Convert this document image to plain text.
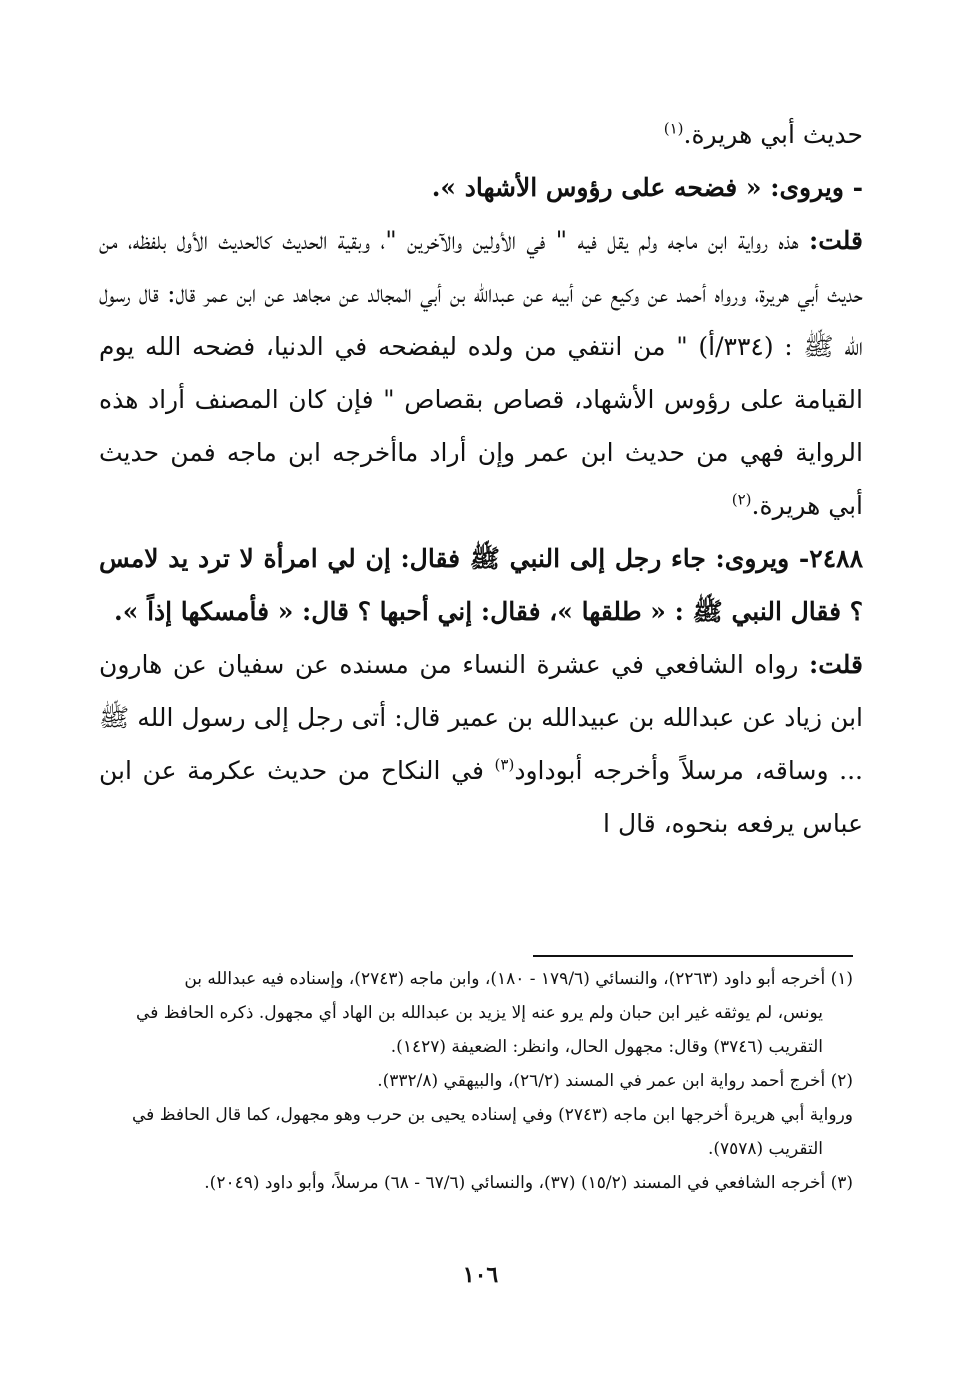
حديث أبي هريرة.$^{(١)}$

- ويروى: « فضحه على رؤوس الأشهاد ».

قلت: هذه رواية ابن ماجه ولم يقل فيه " في الأولين والآخرين "، وبقية الحديث كالحديث الأول بلفظه، من حديث أبي هريرة، ورواه أحمد عن وكيع عن أبيه عن عبدالله بن أبي المجالد عن مجاهد عن ابن عمر قال: قال رسول الله ﷺ : (٣٣٤/أ) " من انتفي من ولده ليفضحه في الدنيا، فضحه الله يوم القيامة على رؤوس الأشهاد، قصاص بقصاص " فإن كان المصنف أراد هذه الرواية فهي من حديث ابن عمر وإن أراد ماأخرجه ابن ماجه فمن حديث أبي هريرة.$^{(٢)}$

٢٤٨٨- ويروى: جاء رجل إلى النبي ﷺ فقال: إن لي امرأة لا ترد يد لامس ؟ فقال النبي ﷺ : « طلقها »، فقال: إني أحبها ؟ قال: « فأمسكها إذاً ».

قلت: رواه الشافعي في عشرة النساء من مسنده عن سفيان عن هارون ابن زياد عن عبدالله بن عبيدالله بن عمير قال: أتى رجل إلى رسول الله ﷺ ... وساقه، مرسلاً وأخرجه أبوداود$^{(٣)}$ في النكاح من حديث عكرمة عن ابن عباس يرفعه بنحوه، قال ا

(١) أخرجه أبو داود (٢٢٦٣)، والنسائي (١٧٩/٦ - ١٨٠)، وابن ماجه (٢٧٤٣)، وإسناده فيه عبدالله بن

يونس، لم يوثقه غير ابن حبان ولم يرو عنه إلا يزيد بن عبدالله بن الهاد أي مجهول. ذكره الحافظ في

التقريب (٣٧٤٦) وقال: مجهول الحال، وانظر: الضعيفة (١٤٢٧).

(٢) أخرج أحمد رواية ابن عمر في المسند (٢٦/٢)، والبيهقي (٣٣٢/٨).

ورواية أبي هريرة أخرجها ابن ماجه (٢٧٤٣) وفي إسناده يحيى بن حرب وهو مجهول، كما قال الحافظ في

التقريب (٧٥٧٨).

(٣) أخرجه الشافعي في المسند (١٥/٢) (٣٧)، والنسائي (٦٧/٦ - ٦٨) مرسلاً، وأبو داود (٢٠٤٩).

١٠٦
